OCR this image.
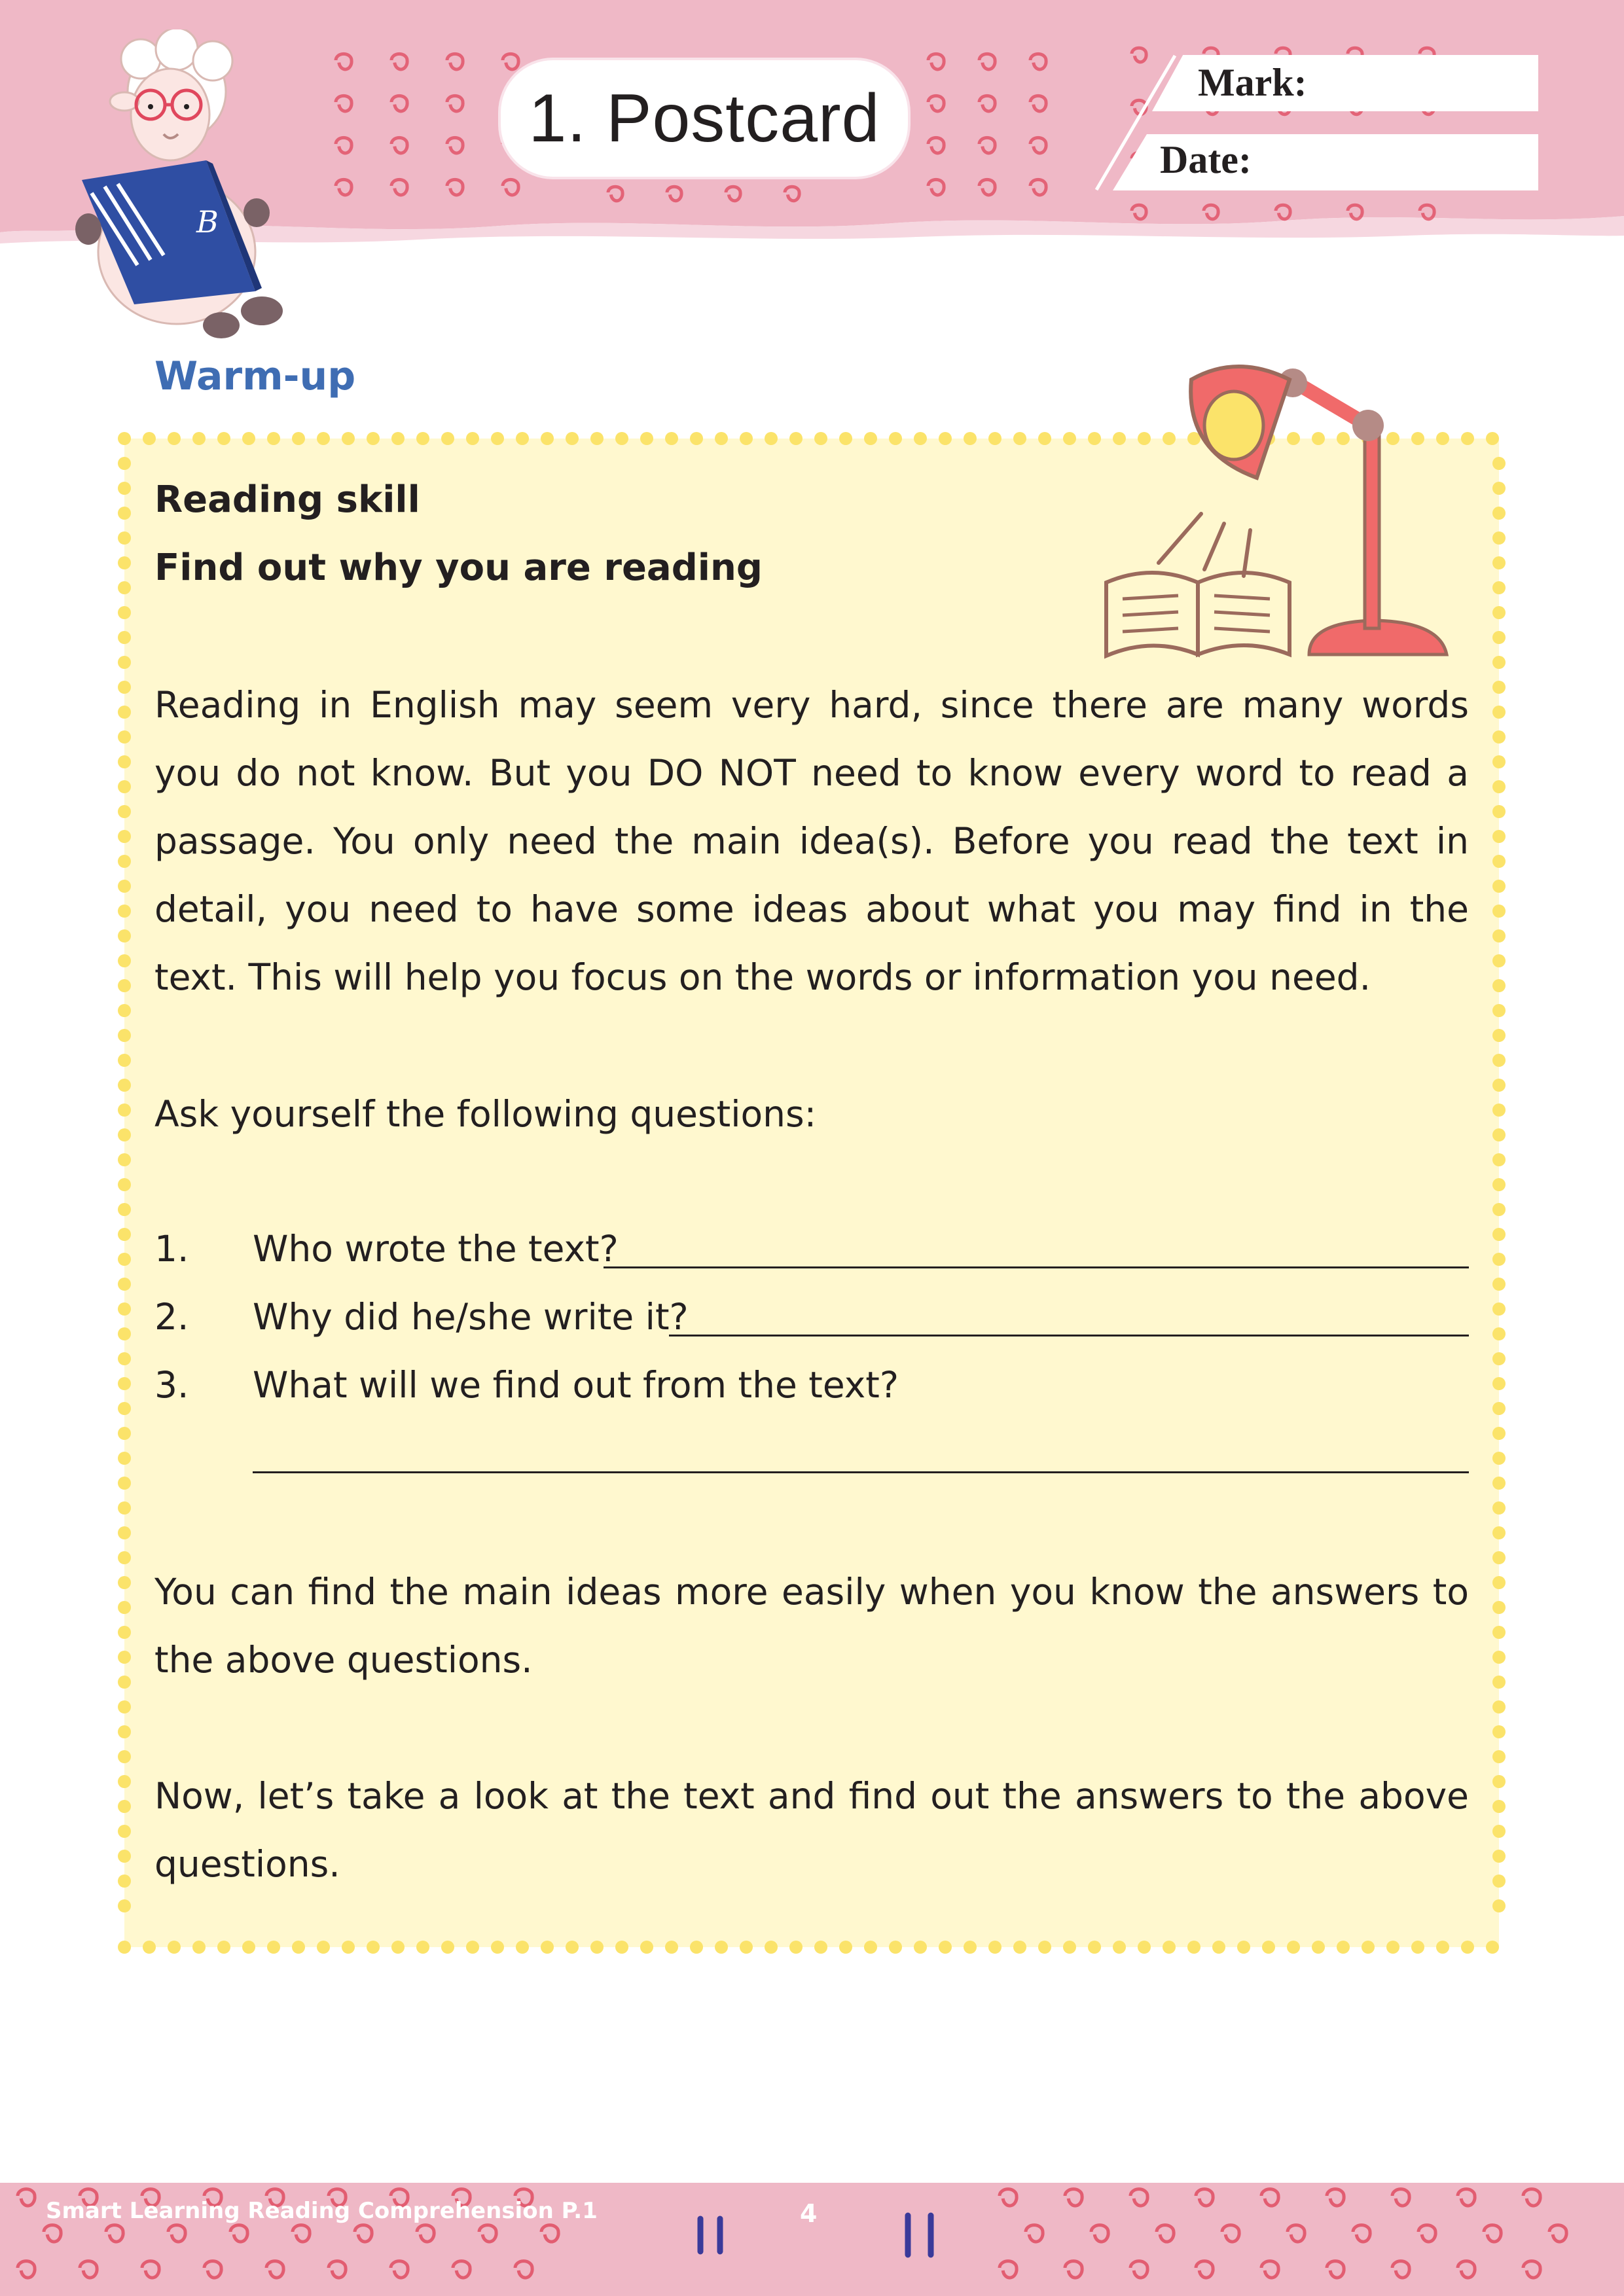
B
1. Postcard	Mark:
Date:
Warm-up
Reading skill
Find out why you are reading
Reading in English may seem very hard, since there are many words you do not know. But you DO NOT need to know every word to read a passage. You only need the main idea(s). Before you read the text in detail, you need to have some ideas about what you may find in the text. This will help you focus on the words or information you need.
Ask yourself the following questions:
1. Who wrote the text?
2. Why did he/she write it?
3. What will we find out from the text?
You can find the main ideas more easily when you know the answers to the above questions.
Now, let’s take a look at the text and find out the answers to the above questions.
Smart Learning Reading Comprehension P.1	4
